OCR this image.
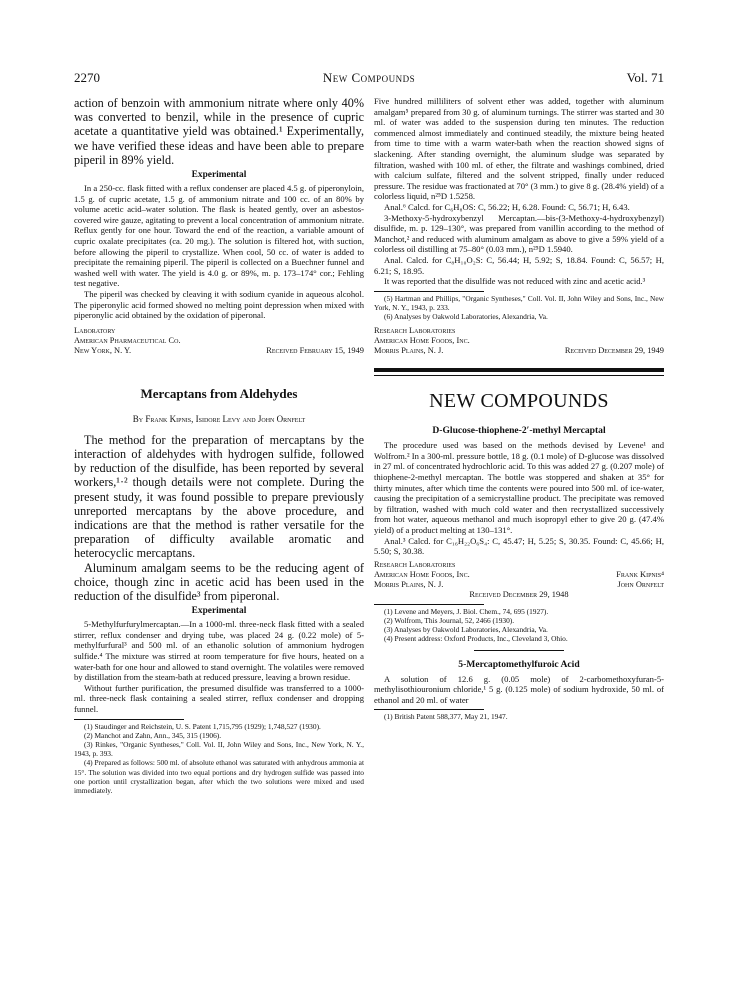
2270	New Compounds	Vol. 71

action of benzoin with ammonium nitrate where only 40% was converted to benzil, while in the presence of cupric acetate a quantitative yield was obtained.¹ Experimentally, we have verified these ideas and have been able to prepare piperil in 89% yield.

Experimental

In a 250-cc. flask fitted with a reflux condenser are placed 4.5 g. of piperonyloin, 1.5 g. of cupric acetate, 1.5 g. of ammonium nitrate and 100 cc. of an 80% by volume acetic acid–water solution. The flask is heated gently, over an asbestos-covered wire gauze, agitating to prevent a local concentration of ammonium nitrate. Reflux gently for one hour. Toward the end of the reaction, a variable amount of cupric oxalate precipitates (ca. 20 mg.). The solution is filtered hot, with suction, before allowing the piperil to crystallize. When cool, 50 cc. of water is added to precipitate the remaining piperil. The piperil is collected on a Buechner funnel and washed well with water. The yield is 4.0 g. or 89%, m. p. 173–174° cor.; Fehling test negative.

The piperil was checked by cleaving it with sodium cyanide in aqueous alcohol. The piperonylic acid formed showed no melting point depression when mixed with piperonylic acid obtained by the oxidation of piperonal.

Laboratory
American Pharmaceutical Co.
New York, N. Y.	Received February 15, 1949
Mercaptans from Aldehydes
By Frank Kipnis, Isidore Levy and John Ornfelt

The method for the preparation of mercaptans by the interaction of aldehydes with hydrogen sulfide, followed by reduction of the disulfide, has been reported by several workers,¹·² though details were not complete. During the present study, it was found possible to prepare previously unreported mercaptans by the above procedure, and indications are that the method is rather versatile for the preparation of difficulty available aromatic and heterocyclic mercaptans.

Aluminum amalgam seems to be the reducing agent of choice, though zinc in acetic acid has been used in the reduction of the disulfide³ from piperonal.

Experimental

5-Methylfurfurylmercaptan.—In a 1000-ml. three-neck flask fitted with a sealed stirrer, reflux condenser and drying tube, was placed 24 g. (0.22 mole) of 5-methylfurfural³ and 500 ml. of an ethanolic solution of ammonium hydrogen sulfide.⁴ The mixture was stirred at room temperature for five hours, heated on a water-bath for one hour and allowed to stand overnight. The volatiles were removed by distillation from the steam-bath at reduced pressure, leaving a brown residue.

Without further purification, the presumed disulfide was transferred to a 1000-ml. three-neck flask containing a sealed stirrer, reflux condenser and dropping funnel.

(1) Staudinger and Reichstein, U. S. Patent 1,715,795 (1929); 1,748,527 (1930).

(2) Manchot and Zahn, Ann., 345, 315 (1906).

(3) Rinkes, "Organic Syntheses," Coll. Vol. II, John Wiley and Sons, Inc., New York, N. Y., 1943, p. 393.

(4) Prepared as follows: 500 ml. of absolute ethanol was saturated with anhydrous ammonia at 15°. The solution was divided into two equal portions and dry hydrogen sulfide was passed into one portion until crystallization began, after which the two solutions were mixed and used immediately.

Five hundred milliliters of solvent ether was added, together with aluminum amalgam⁵ prepared from 30 g. of aluminum turnings. The stirrer was started and 30 ml. of water was added to the suspension during ten minutes. The reduction commenced almost immediately and continued steadily, the mixture being heated from time to time with a warm water-bath when the reaction showed signs of slackening. After standing overnight, the aluminum sludge was separated by filtration, washed with 100 ml. of ether, the filtrate and washings combined, dried with calcium sulfate, filtered and the solvent stripped, finally under reduced pressure. The residue was fractionated at 70° (3 mm.) to give 8 g. (28.4% yield) of a colorless liquid, n²⁵D 1.5258.

Anal.⁶ Calcd. for C₆H₈OS: C, 56.22; H, 6.28. Found: C, 56.71; H, 6.43.

3-Methoxy-5-hydroxybenzyl Mercaptan.—bis-(3-Methoxy-4-hydroxybenzyl) disulfide, m. p. 129–130°, was prepared from vanillin according to the method of Manchot,² and reduced with aluminum amalgam as above to give a 59% yield of a colorless oil distilling at 75–80° (0.03 mm.), n²⁵D 1.5940.

Anal. Calcd. for C₈H₁₀O₂S: C, 56.44; H, 5.92; S, 18.84. Found: C, 56.57; H, 6.21; S, 18.95.

It was reported that the disulfide was not reduced with zinc and acetic acid.³

(5) Hartman and Phillips, "Organic Syntheses," Coll. Vol. II, John Wiley and Sons, Inc., New York, N. Y., 1943, p. 233.

(6) Analyses by Oakwold Laboratories, Alexandria, Va.

Research Laboratories
American Home Foods, Inc.
Morris Plains, N. J.	Received December 29, 1949
NEW COMPOUNDS
D-Glucose-thiophene-2′-methyl Mercaptal

The procedure used was based on the methods devised by Levene¹ and Wolfrom.² In a 300-ml. pressure bottle, 18 g. (0.1 mole) of D-glucose was dissolved in 27 ml. of concentrated hydrochloric acid. To this was added 27 g. (0.207 mole) of thiophene-2-methyl mercaptan. The bottle was stoppered and shaken at 35° for thirty minutes, after which time the contents were poured into 500 ml. of ice-water, causing the precipitation of a semicrystalline product. The precipitate was removed by filtration, washed with much cold water and then recrystallized successively from hot water, aqueous methanol and much isopropyl ether to give 20 g. (47.4% yield) of a product melting at 130–131°.

Anal.³ Calcd. for C₁₆H₂₂O₆S₄: C, 45.47; H, 5.25; S, 30.35. Found: C, 45.66; H, 5.50; S, 30.38.

Research Laboratories
American Home Foods, Inc.	Frank Kipnis⁴
Morris Plains, N. J.	John Ornfelt
Received December 29, 1948

(1) Levene and Meyers, J. Biol. Chem., 74, 695 (1927).

(2) Wolfrom, This Journal, 52, 2466 (1930).

(3) Analyses by Oakwold Laboratories, Alexandria, Va.

(4) Present address: Oxford Products, Inc., Cleveland 3, Ohio.

5-Mercaptomethylfuroic Acid

A solution of 12.6 g. (0.05 mole) of 2-carbomethoxyfuran-5-methylisothiouronium chloride,¹ 5 g. (0.125 mole) of sodium hydroxide, 50 ml. of ethanol and 20 ml. of water

(1) British Patent 588,377, May 21, 1947.
